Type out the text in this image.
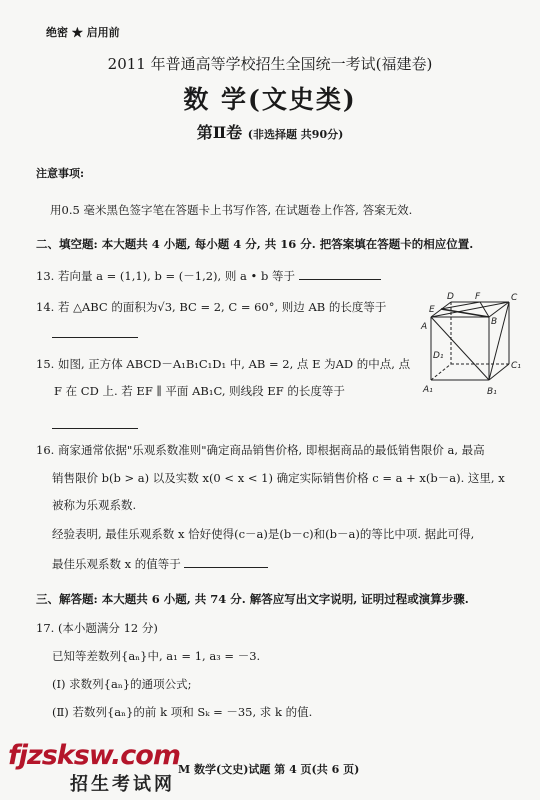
绝密 ★ 启用前
2011 年普通高等学校招生全国统一考试(福建卷)
数 学(文史类)
第Ⅱ卷 (非选择题 共90分)
注意事项:
用0.5 毫米黑色签字笔在答题卡上书写作答, 在试题卷上作答, 答案无效.
二、填空题: 本大题共 4 小题, 每小题 4 分, 共 16 分. 把答案填在答题卡的相应位置.
13. 若向量 a = (1,1), b = (－1,2), 则 a • b 等于
14. 若 △ABC 的面积为√3, BC = 2, C = 60°, 则边 AB 的长度等于
15. 如图, 正方体 ABCD－A₁B₁C₁D₁ 中, AB = 2, 点 E 为AD 的中点, 点
F 在 CD 上. 若 EF ∥ 平面 AB₁C, 则线段 EF 的长度等于
D F	C
A
E
B
D₁
C₁
A₁	B₁
16. 商家通常依据"乐观系数准则"确定商品销售价格, 即根据商品的最低销售限价 a, 最高
销售限价 b(b > a) 以及实数 x(0 < x < 1) 确定实际销售价格 c = a + x(b－a). 这里, x
被称为乐观系数.
经验表明, 最佳乐观系数 x 恰好使得(c－a)是(b－c)和(b－a)的等比中项. 据此可得,
最佳乐观系数 x 的值等于
三、解答题: 本大题共 6 小题, 共 74 分. 解答应写出文字说明, 证明过程或演算步骤.
17. (本小题满分 12 分)
已知等差数列{aₙ}中, a₁ = 1, a₃ = －3.
(Ⅰ) 求数列{aₙ}的通项公式;
(Ⅱ) 若数列{aₙ}的前 k 项和 Sₖ = －35, 求 k 的值.
fjzsksw.com
招生考试网
M 数学(文史)试题 第 4 页(共 6 页)
